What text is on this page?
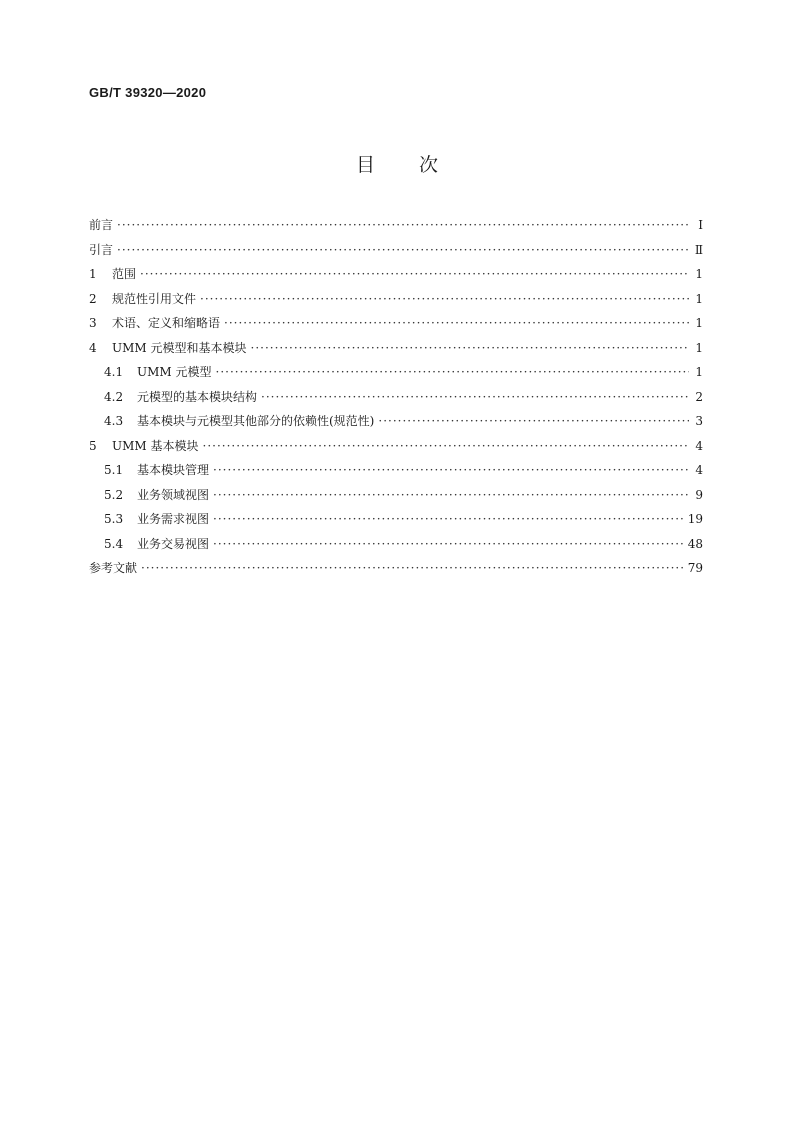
GB/T 39320—2020
目次
前言 ·····	Ⅰ
引言 ·····	Ⅱ
1	范围 ·····	1
2	规范性引用文件 ·····	1
3	术语、定义和缩略语 ·····	1
4	UMM 元模型和基本模块 ·····	1
4.1	UMM 元模型 ·····	1
4.2	元模型的基本模块结构 ·····	2
4.3	基本模块与元模型其他部分的依赖性(规范性) ·····	3
5	UMM 基本模块 ·····	4
5.1	基本模块管理 ·····	4
5.2	业务领域视图 ·····	9
5.3	业务需求视图 ·····	19
5.4	业务交易视图 ·····	48
参考文献 ·····	79
